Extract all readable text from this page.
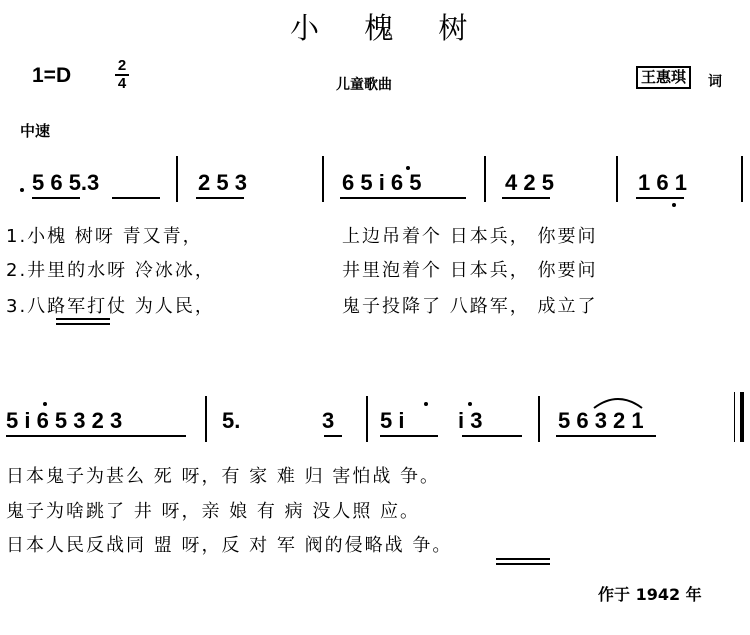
小 槐 树
1=D	2
4	儿童歌曲	王惠琪	词
中速
5 6 5.3	2 5 3	6 5 i 6 5	4 2 5	1 6 1
1.小槐 树呀 青又青，	上边吊着个 日本兵， 你要问
2.井里的水呀 冷冰冰，	井里泡着个 日本兵， 你要问
3.八路军打仗 为人民，	鬼子投降了 八路军， 成立了
5 i 6 5 3 2 3	5.	3 5 i i 3	5 6 3 2 1
日本鬼子为甚么 死 呀，有 家 难 归 害怕战 争。
鬼子为啥跳了 井 呀，亲 娘 有 病 没人照 应。
日本人民反战同 盟 呀，反 对 军 阀的侵略战 争。
作于 1942 年
